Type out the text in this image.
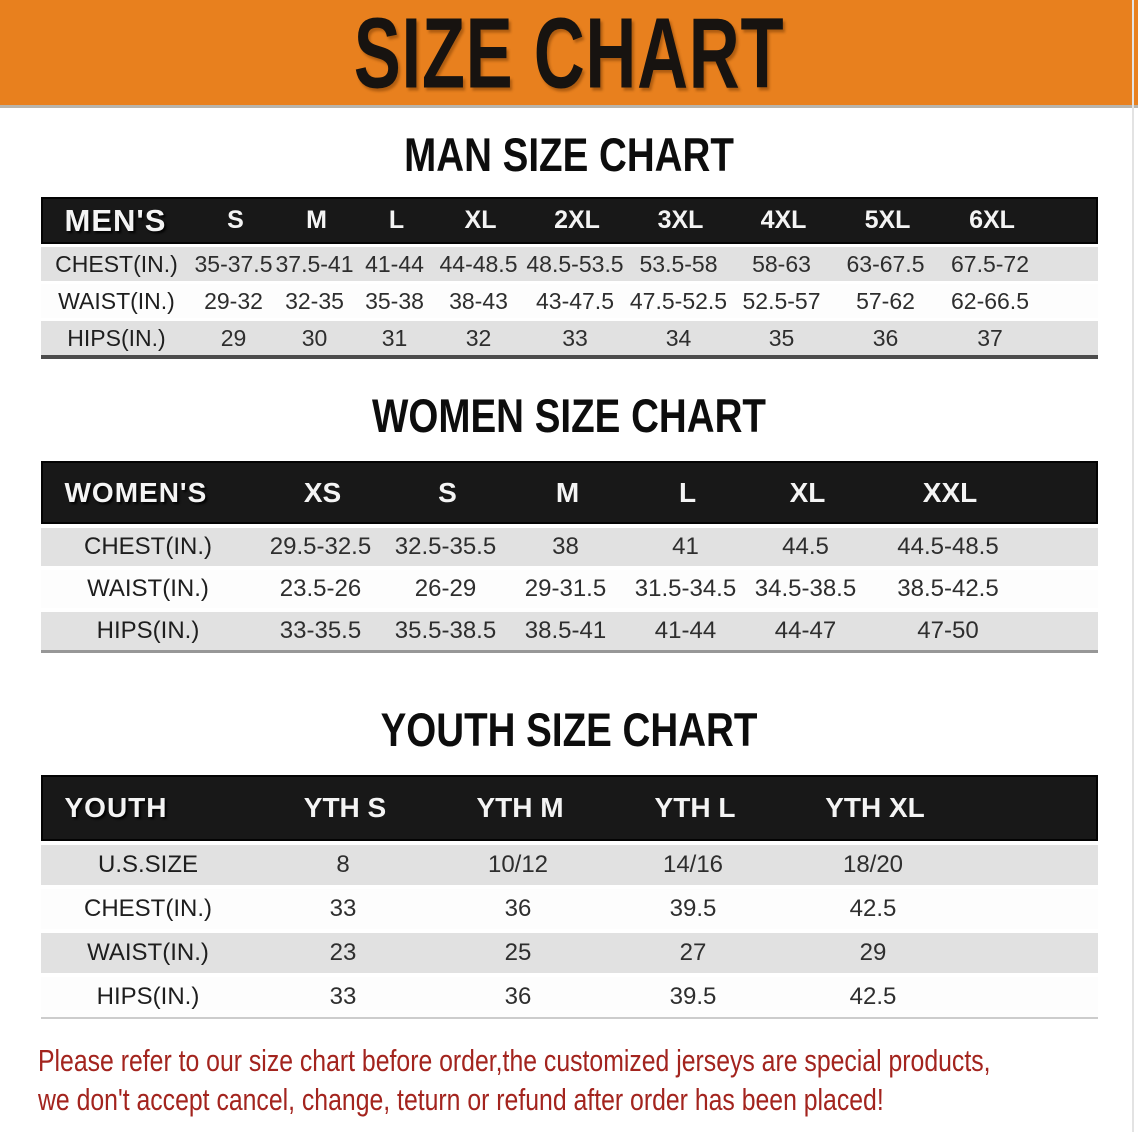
SIZE CHART
MAN SIZE CHART
MEN'S	S	M	L	XL	2XL	3XL	4XL	5XL	6XL
CHEST(IN.) 35-37.5 37.5-41 41-44 44-48.5 48.5-53.5 53.5-58	58-63	63-67.5	67.5-72
WAIST(IN.)	29-32 32-35 35-38	38-43	43-47.5 47.5-52.5 52.5-57	57-62	62-66.5
HIPS(IN.)	29	30	31	32	33	34	35	36	37
WOMEN SIZE CHART
WOMEN'S	XS	S	M	L	XL	XXL
CHEST(IN.)	29.5-32.5 32.5-35.5	38	41	44.5	44.5-48.5
WAIST(IN.)	23.5-26	26-29	29-31.5	31.5-34.5 34.5-38.5	38.5-42.5
HIPS(IN.)	33-35.5	35.5-38.5	38.5-41	41-44	44-47	47-50
YOUTH SIZE CHART
YOUTH	YTH S	YTH M	YTH L	YTH XL
U.S.SIZE	8	10/12	14/16	18/20
CHEST(IN.)	33	36	39.5	42.5
WAIST(IN.)	23	25	27	29
HIPS(IN.)	33	36	39.5	42.5

Please refer to our size chart before order,the customized jerseys are special products,

we don't accept cancel, change, teturn or refund after order has been placed!
